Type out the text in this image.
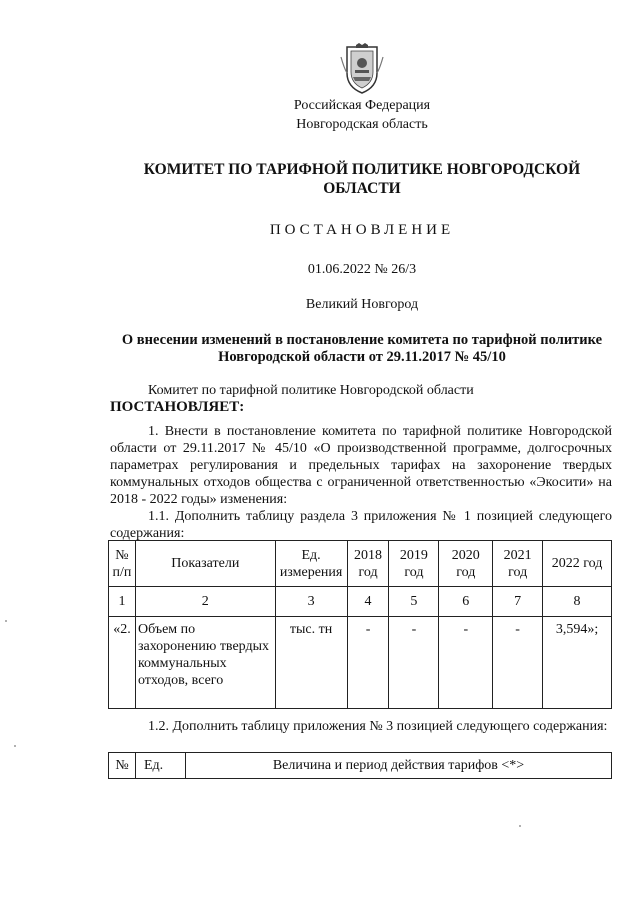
Российская Федерация
Новгородская область
КОМИТЕТ ПО ТАРИФНОЙ ПОЛИТИКЕ НОВГОРОДСКОЙ ОБЛАСТИ
ПОСТАНОВЛЕНИЕ
01.06.2022 № 26/3
Великий Новгород
О внесении изменений в постановление комитета по тарифной политике Новгородской области от 29.11.2017 № 45/10
Комитет по тарифной политике Новгородской области
ПОСТАНОВЛЯЕТ:
1. Внести в постановление комитета по тарифной политике Новгородской области от 29.11.2017 № 45/10 «О производственной программе, долгосрочных параметрах регулирования и предельных тарифах на захоронение твердых коммунальных отходов общества с ограниченной ответственностью «Экосити» на 2018 - 2022 годы» изменения:
1.1. Дополнить таблицу раздела 3 приложения № 1 позицией следующего содержания:
№ п/п	Показатели	Ед. измерения	2018 год	2019 год	2020 год	2021 год	2022 год
1	2	3	4	5	6	7	8
«2.	Объем по захоронению твердых коммунальных отходов, всего	тыс. тн	-	-	-	-	3,594»;
1.2. Дополнить таблицу приложения № 3 позицией следующего содержания:
№	Ед.	Величина и период действия тарифов <*>
